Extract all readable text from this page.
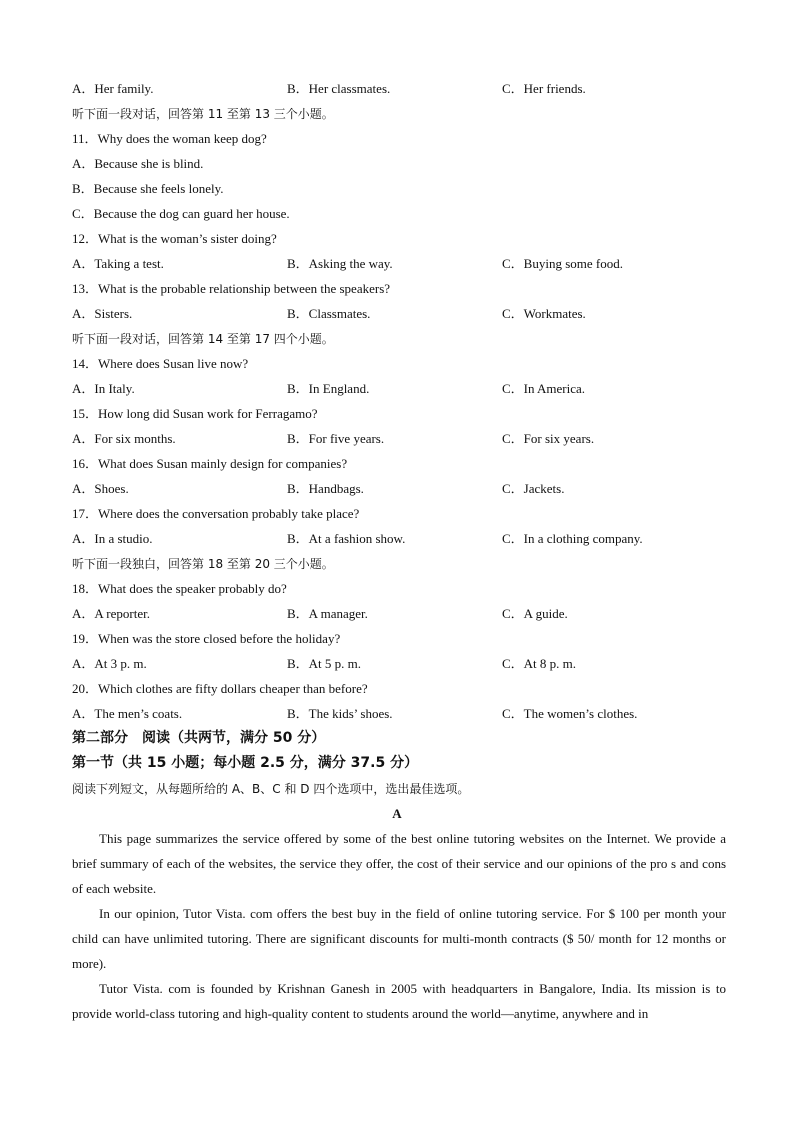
A．Her family.	B．Her classmates.	C．Her friends.
听下面一段对话，回答第 11 至第 13 三个小题。
11．Why does the woman keep dog?
A．Because she is blind.
B．Because she feels lonely.
C．Because the dog can guard her house.
12．What is the woman’s sister doing?
A．Taking a test.	B．Asking the way.	C．Buying some food.
13．What is the probable relationship between the speakers?
A．Sisters.	B．Classmates.	C．Workmates.
听下面一段对话，回答第 14 至第 17 四个小题。
14．Where does Susan live now?
A．In Italy.	B．In England.	C．In America.
15．How long did Susan work for Ferragamo?
A．For six months.	B．For five years.	C．For six years.
16．What does Susan mainly design for companies?
A．Shoes.	B．Handbags.	C．Jackets.
17．Where does the conversation probably take place?
A．In a studio.	B．At a fashion show.	C．In a clothing company.
听下面一段独白，回答第 18 至第 20 三个小题。
18．What does the speaker probably do?
A．A reporter.	B．A manager.	C．A guide.
19．When was the store closed before the holiday?
A．At 3 p. m.	B．At 5 p. m.	C．At 8 p. m.
20．Which clothes are fifty dollars cheaper than before?
A．The men’s coats.	B．The kids’ shoes.	C．The women’s clothes.
第二部分　阅读（共两节，满分 50 分）
第一节（共 15 小题；每小题 2.5 分，满分 37.5 分）
阅读下列短文，从每题所给的 A、B、C 和 D 四个选项中，选出最佳选项。
A

This page summarizes the service offered by some of the best online tutoring websites on the Internet. We provide a brief summary of each of the websites, the service they offer, the cost of their service and our opinions of the pro s and cons of each website.

In our opinion, Tutor Vista. com offers the best buy in the field of online tutoring service. For $ 100 per month your child can have unlimited tutoring. There are significant discounts for multi-month contracts ($ 50/ month for 12 months or more).

Tutor Vista. com is founded by Krishnan Ganesh in 2005 with headquarters in Bangalore, India. Its mission is to provide world-class tutoring and high-quality content to students around the world—anytime, anywhere and in
